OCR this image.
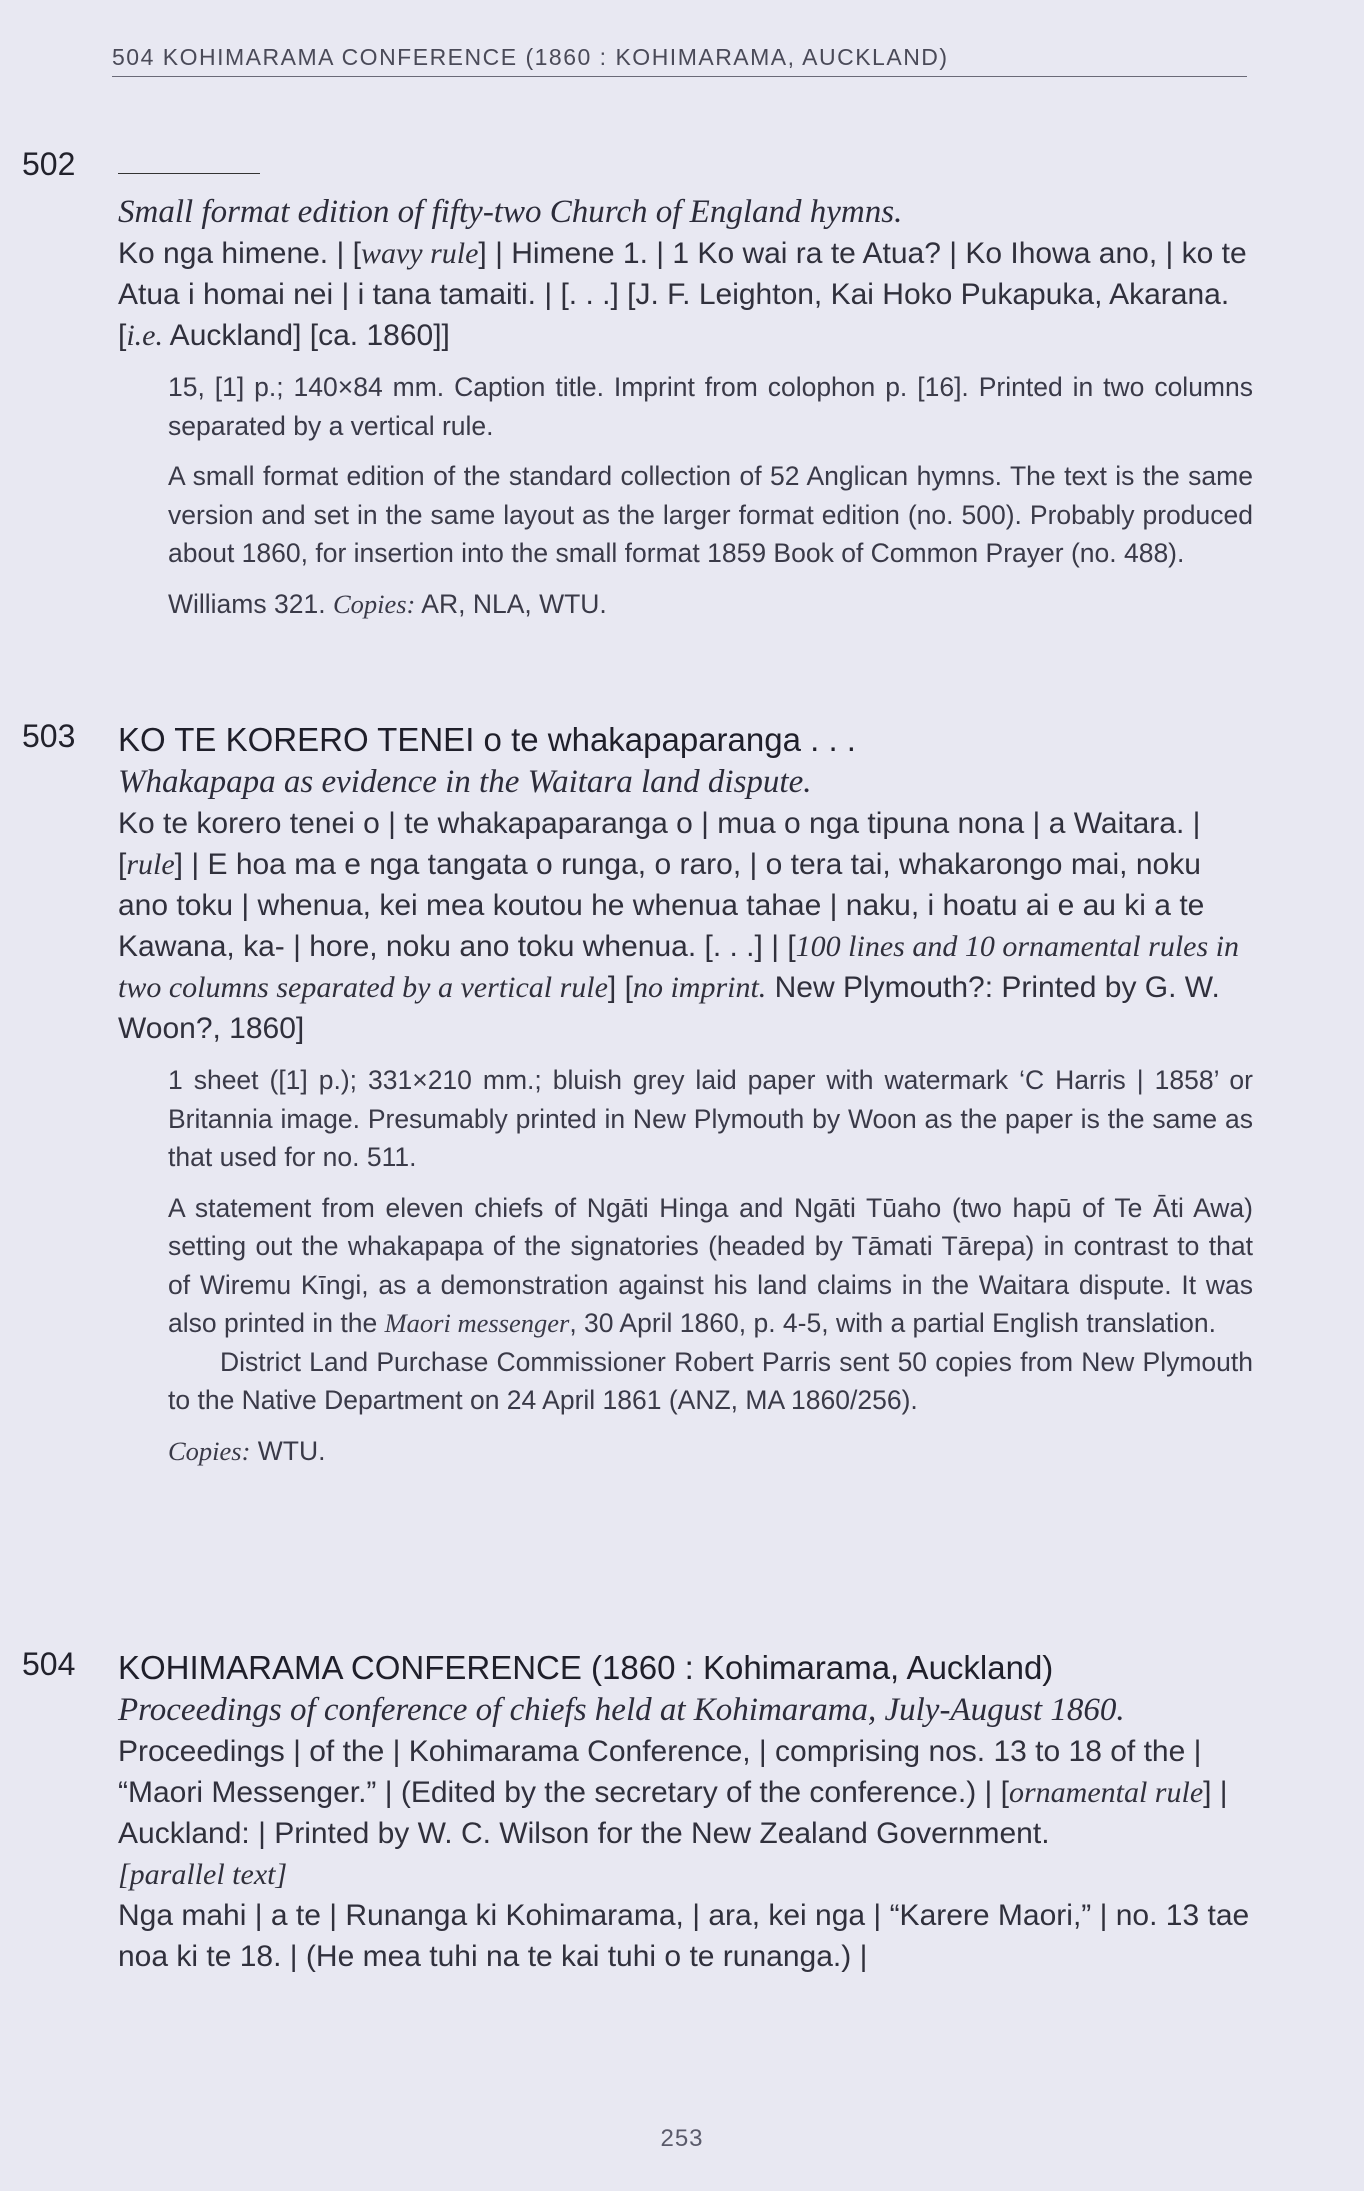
504 KOHIMARAMA CONFERENCE (1860 : KOHIMARAMA, AUCKLAND)
502
Small format edition of fifty-two Church of England hymns.
Ko nga himene. | [wavy rule] | Himene 1. | 1 Ko wai ra te Atua? | Ko Ihowa ano, | ko te Atua i homai nei | i tana tamaiti. | [. . .] [J. F. Leighton, Kai Hoko Pukapuka, Akarana. [i.e. Auckland] [ca. 1860]]
15, [1] p.; 140×84 mm. Caption title. Imprint from colophon p. [16]. Printed in two columns separated by a vertical rule.
A small format edition of the standard collection of 52 Anglican hymns. The text is the same version and set in the same layout as the larger format edition (no. 500). Probably produced about 1860, for insertion into the small format 1859 Book of Common Prayer (no. 488).
Williams 321. Copies: AR, NLA, WTU.
503 KO TE KORERO TENEI o te whakapaparanga . . .
Whakapapa as evidence in the Waitara land dispute.
Ko te korero tenei o | te whakapaparanga o | mua o nga tipuna nona | a Waitara. | [rule] | E hoa ma e nga tangata o runga, o raro, | o tera tai, whakarongo mai, noku ano toku | whenua, kei mea koutou he whenua tahae | naku, i hoatu ai e au ki a te Kawana, ka- | hore, noku ano toku whenua. [. . .] | [100 lines and 10 ornamental rules in two columns separated by a vertical rule] [no imprint. New Plymouth?: Printed by G. W. Woon?, 1860]
1 sheet ([1] p.); 331×210 mm.; bluish grey laid paper with watermark ‘C Harris | 1858’ or Britannia image. Presumably printed in New Plymouth by Woon as the paper is the same as that used for no. 511.
A statement from eleven chiefs of Ngāti Hinga and Ngāti Tūaho (two hapū of Te Āti Awa) setting out the whakapapa of the signatories (headed by Tāmati Tārepa) in contrast to that of Wiremu Kīngi, as a demonstration against his land claims in the Waitara dispute. It was also printed in the Maori messenger, 30 April 1860, p. 4-5, with a partial English translation.
District Land Purchase Commissioner Robert Parris sent 50 copies from New Plymouth to the Native Department on 24 April 1861 (ANZ, MA 1860/256).
Copies: WTU.
504 KOHIMARAMA CONFERENCE (1860 : Kohimarama, Auckland)
Proceedings of conference of chiefs held at Kohimarama, July-August 1860.
Proceedings | of the | Kohimarama Conference, | comprising nos. 13 to 18 of the | “Maori Messenger.” | (Edited by the secretary of the conference.) | [ornamental rule] | Auckland: | Printed by W. C. Wilson for the New Zealand Government.
[parallel text]
Nga mahi | a te | Runanga ki Kohimarama, | ara, kei nga | “Karere Maori,” | no. 13 tae noa ki te 18. | (He mea tuhi na te kai tuhi o te runanga.) |
253
